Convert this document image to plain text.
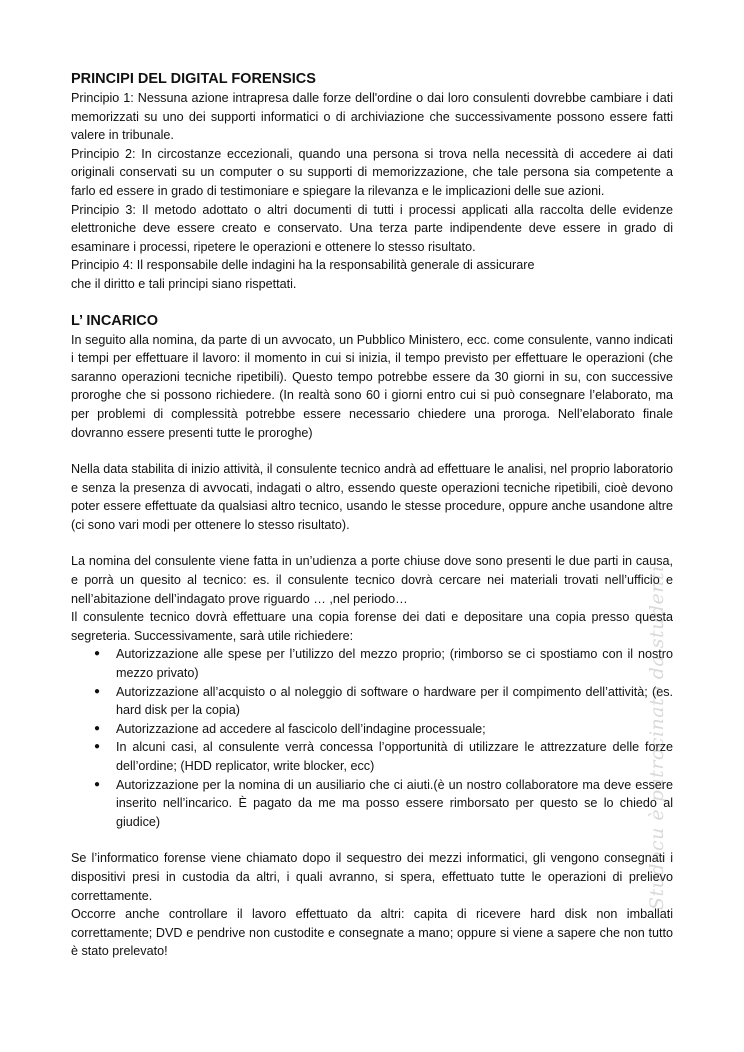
PRINCIPI DEL DIGITAL FORENSICS

Principio 1: Nessuna azione intrapresa dalle forze dell'ordine o dai loro consulenti dovrebbe cambiare i dati memorizzati su uno dei supporti informatici o di archiviazione che successivamente possono essere fatti valere in tribunale.

Principio 2: In circostanze eccezionali, quando una persona si trova nella necessità di accedere ai dati originali conservati su un computer o su supporti di memorizzazione, che tale persona sia competente a farlo ed essere in grado di testimoniare e spiegare la rilevanza e le implicazioni delle sue azioni.

Principio 3: Il metodo adottato o altri documenti di tutti i processi applicati alla raccolta delle evidenze elettroniche deve essere creato e conservato. Una terza parte indipendente deve essere in grado di esaminare i processi, ripetere le operazioni e ottenere lo stesso risultato.

Principio 4: Il responsabile delle indagini ha la responsabilità generale di assicurare
che il diritto e tali principi siano rispettati.

L’ INCARICO

In seguito alla nomina, da parte di un avvocato, un Pubblico Ministero, ecc. come consulente, vanno indicati i tempi per effettuare il lavoro: il momento in cui si inizia, il tempo previsto per effettuare le operazioni (che saranno operazioni tecniche ripetibili). Questo tempo potrebbe essere da 30 giorni in su, con successive proroghe che si possono richiedere. (In realtà sono 60 i giorni entro cui si può consegnare l’elaborato, ma per problemi di complessità potrebbe essere necessario chiedere una proroga. Nell’elaborato finale dovranno essere presenti tutte le proroghe)

Nella data stabilita di inizio attività, il consulente tecnico andrà ad effettuare le analisi, nel proprio laboratorio e senza la presenza di avvocati, indagati o altro, essendo queste operazioni tecniche ripetibili, cioè devono poter essere effettuate da qualsiasi altro tecnico, usando le stesse procedure, oppure anche usandone altre (ci sono vari modi per ottenere lo stesso risultato).

La nomina del consulente viene fatta in un’udienza a porte chiuse dove sono presenti le due parti in causa, e porrà un quesito al tecnico: es. il consulente tecnico dovrà cercare nei materiali trovati nell’ufficio e nell’abitazione dell’indagato prove riguardo … ,nel periodo…

Il consulente tecnico dovrà effettuare una copia forense dei dati e depositare una copia presso questa segreteria. Successivamente, sarà utile richiedere:

● Autorizzazione alle spese per l’utilizzo del mezzo proprio; (rimborso se ci spostiamo con il nostro mezzo privato)
● Autorizzazione all’acquisto o al noleggio di software o hardware per il compimento dell’attività; (es. hard disk per la copia)
● Autorizzazione ad accedere al fascicolo dell’indagine processuale;
● In alcuni casi, al consulente verrà concessa l’opportunità di utilizzare le attrezzature delle forze dell’ordine; (HDD replicator, write blocker, ecc)
● Autorizzazione per la nomina di un ausiliario che ci aiuti.(è un nostro collaboratore ma deve essere inserito nell’incarico. È pagato da me ma posso essere rimborsato per questo se lo chiedo al giudice)

Se l’informatico forense viene chiamato dopo il sequestro dei mezzi informatici, gli vengono consegnati i dispositivi presi in custodia da altri, i quali avranno, si spera, effettuato tutte le operazioni di prelievo correttamente.

Occorre anche controllare il lavoro effettuato da altri: capita di ricevere hard disk non imballati correttamente; DVD e pendrive non custodite e consegnate a mano; oppure si viene a sapere che non tutto è stato prelevato!

Studocu è patrocinato da studenti
